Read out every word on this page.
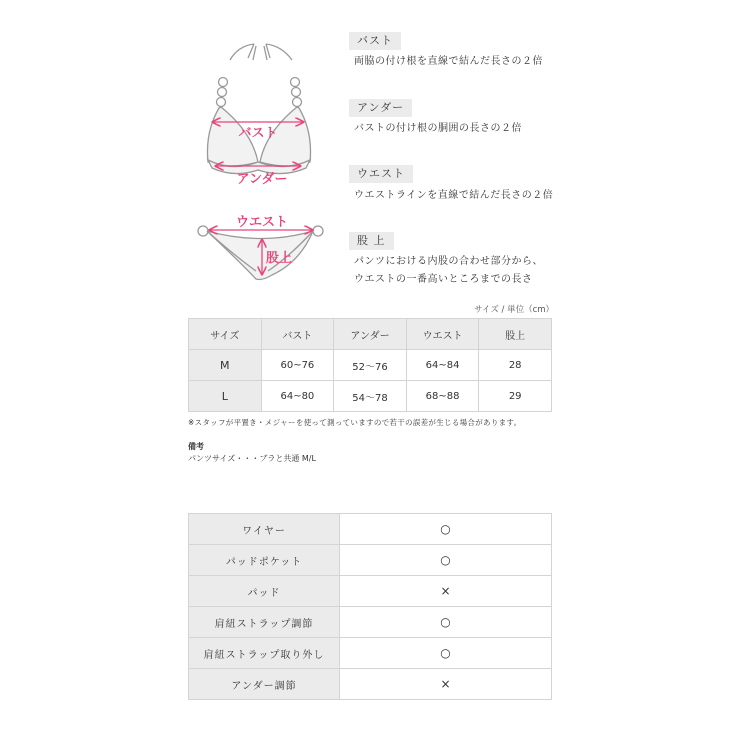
バスト
アンダー
ウエスト
股上
バスト
両脇の付け根を直線で結んだ長さの２倍
アンダー
バストの付け根の胴囲の長さの２倍
ウエスト
ウエストラインを直線で結んだ長さの２倍
股 上
パンツにおける内股の合わせ部分から、
ウエストの一番高いところまでの長さ
サイズ / 単位（cm）
サイズ	バスト	アンダー	ウエスト	股上
M	60~76	52〜76	64~84	28
L	64~80	54〜78	68~88	29
※スタッフが平置き・メジャーを使って測っていますので若干の誤差が生じる場合があります。
備考
パンツサイズ・・・ブラと共通 M/L
ワイヤー	○
パッドポケット	○
パッド	×
肩紐ストラップ調節	○
肩紐ストラップ取り外し	○
アンダー調節	×
